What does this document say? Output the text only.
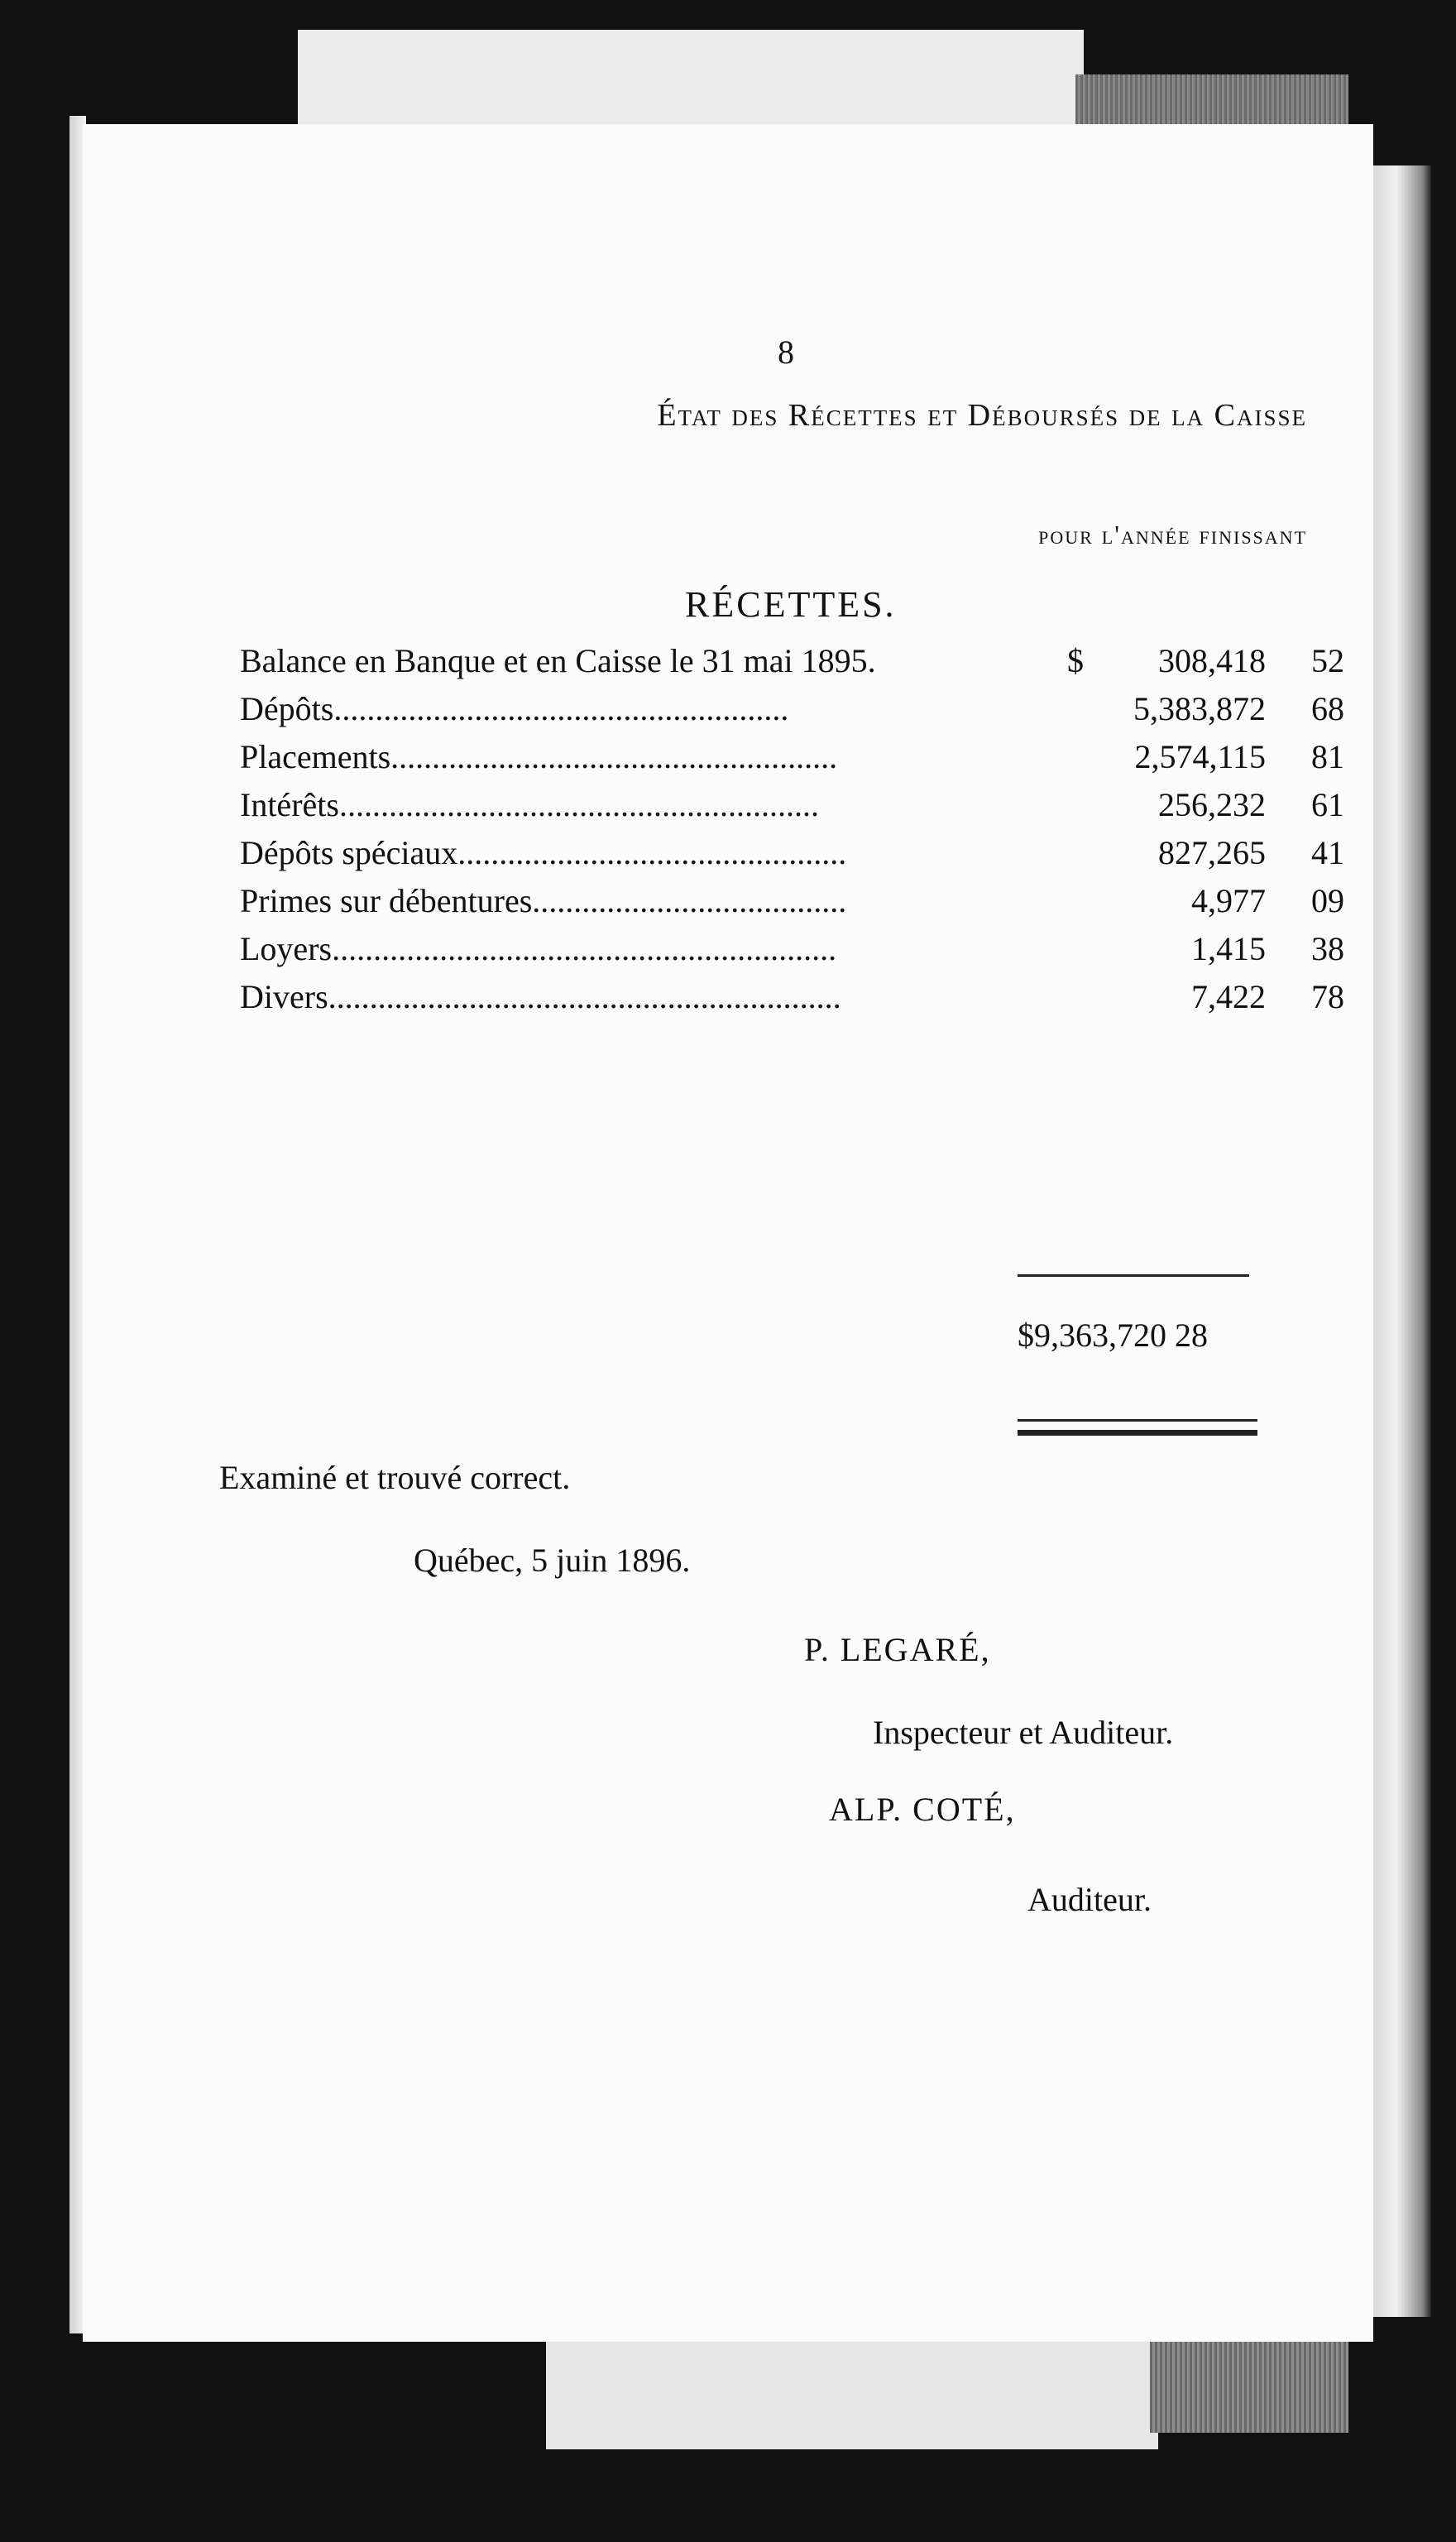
8
État des Récettes et Déboursés de la Caisse
pour l'année finissant
RÉCETTES.
Balance en Banque et en Caisse le 31 mai 1895.	$ 308,418 52
Dépôts.......................................................	5,383,872 68
Placements......................................................	2,574,115 81
Intérêts..........................................................	256,232 61
Dépôts spéciaux...............................................	827,265 41
Primes sur débentures......................................	4,977 09
Loyers.............................................................	1,415 38
Divers..............................................................	7,422 78
$9,363,720 28
Examiné et trouvé correct.
Québec, 5 juin 1896.
P. LEGARÉ,
Inspecteur et Auditeur.
ALP. COTÉ,
Auditeur.
